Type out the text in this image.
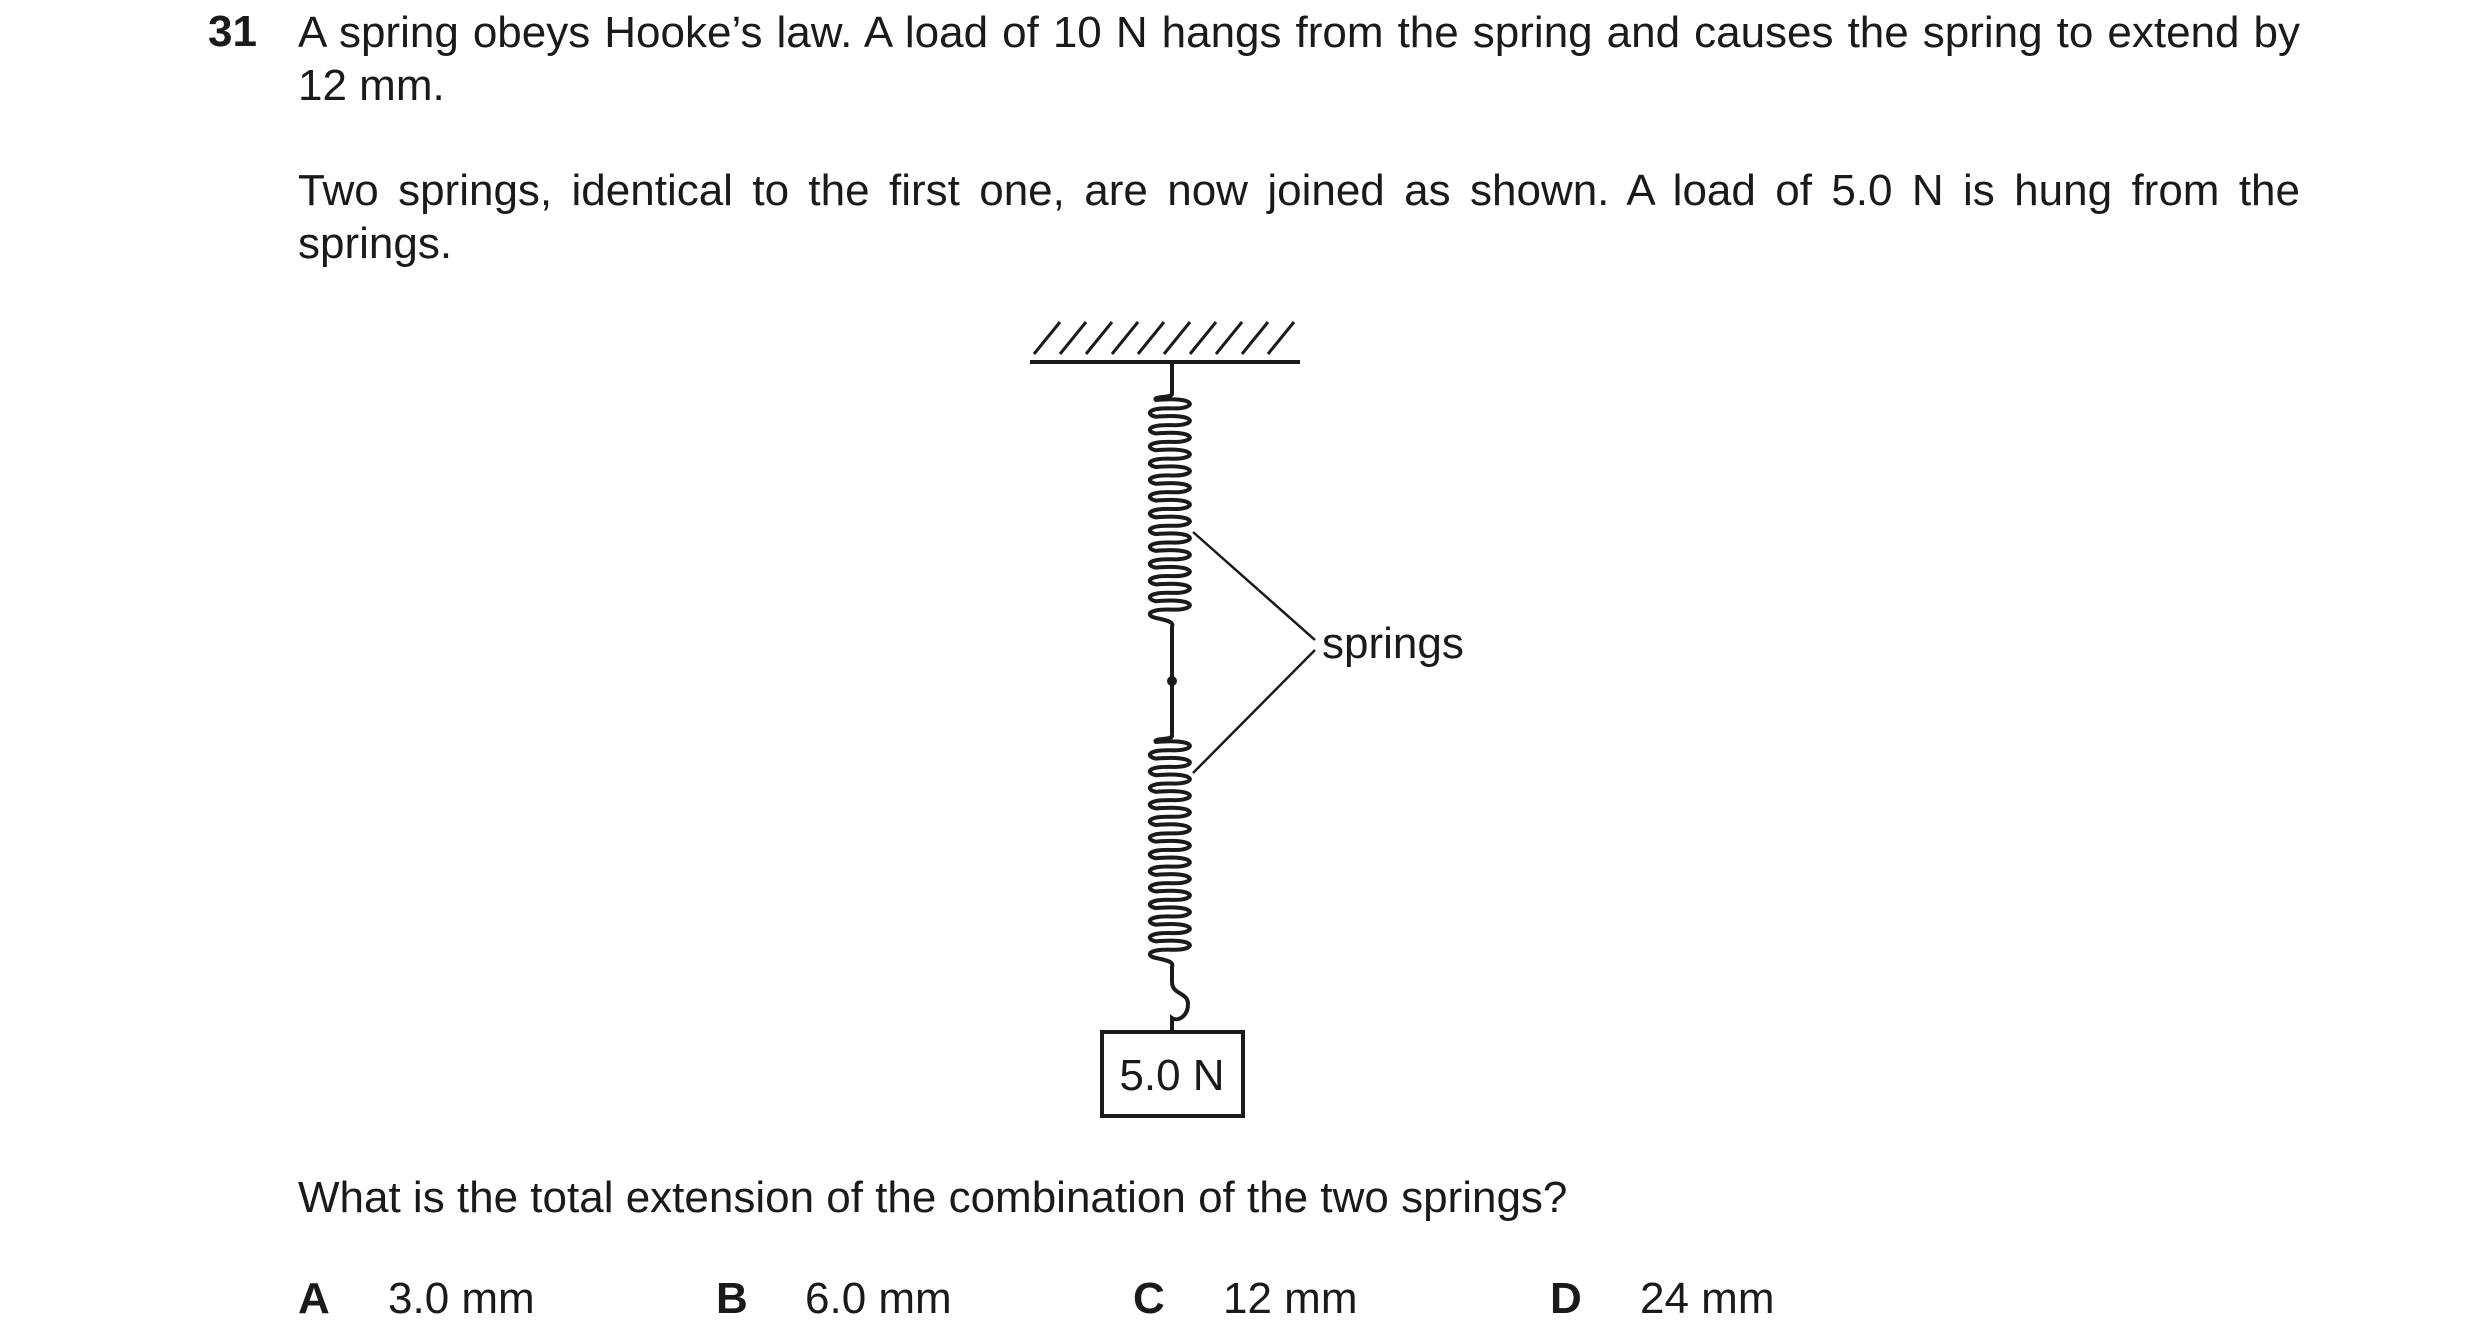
31 A spring obeys Hooke’s law. A load of 10 N hangs from the spring and causes the spring to extend by 12 mm.
Two springs, identical to the first one, are now joined as shown. A load of 5.0 N is hung from the springs.
5.0 N
springs
What is the total extension of the combination of the two springs?
A 3.0 mm	B 6.0 mm	C 12 mm	D 24 mm
